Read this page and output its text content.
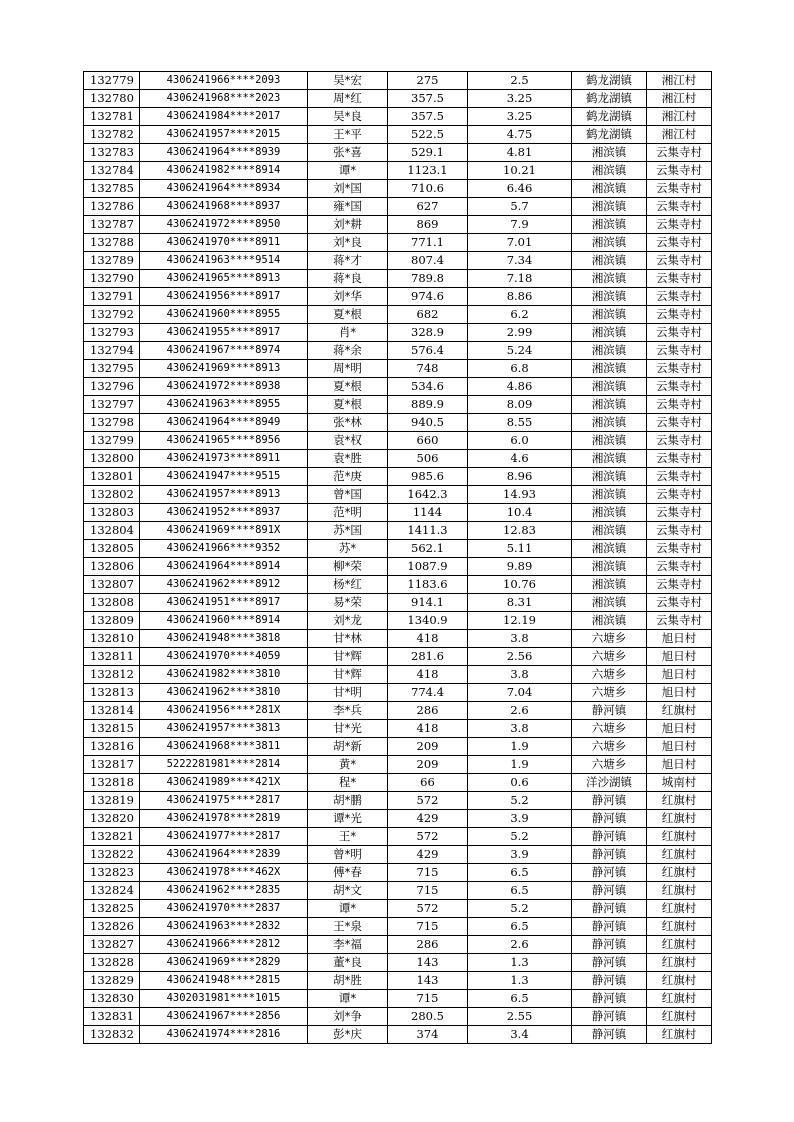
132779	4306241966****2093	吴*宏	275	2.5	鹤龙湖镇	湘江村
132780	4306241968****2023	周*红	357.5	3.25	鹤龙湖镇	湘江村
132781	4306241984****2017	吴*良	357.5	3.25	鹤龙湖镇	湘江村
132782	4306241957****2015	王*平	522.5	4.75	鹤龙湖镇	湘江村
132783	4306241964****8939	张*喜	529.1	4.81	湘滨镇	云集寺村
132784	4306241982****8914	谭*	1123.1	10.21	湘滨镇	云集寺村
132785	4306241964****8934	刘*国	710.6	6.46	湘滨镇	云集寺村
132786	4306241968****8937	雍*国	627	5.7	湘滨镇	云集寺村
132787	4306241972****8950	刘*耕	869	7.9	湘滨镇	云集寺村
132788	4306241970****8911	刘*良	771.1	7.01	湘滨镇	云集寺村
132789	4306241963****9514	蒋*才	807.4	7.34	湘滨镇	云集寺村
132790	4306241965****8913	蒋*良	789.8	7.18	湘滨镇	云集寺村
132791	4306241956****8917	刘*华	974.6	8.86	湘滨镇	云集寺村
132792	4306241960****8955	夏*根	682	6.2	湘滨镇	云集寺村
132793	4306241955****8917	肖*	328.9	2.99	湘滨镇	云集寺村
132794	4306241967****8974	蒋*余	576.4	5.24	湘滨镇	云集寺村
132795	4306241969****8913	周*明	748	6.8	湘滨镇	云集寺村
132796	4306241972****8938	夏*根	534.6	4.86	湘滨镇	云集寺村
132797	4306241963****8955	夏*根	889.9	8.09	湘滨镇	云集寺村
132798	4306241964****8949	张*林	940.5	8.55	湘滨镇	云集寺村
132799	4306241965****8956	袁*权	660	6.0	湘滨镇	云集寺村
132800	4306241973****8911	袁*胜	506	4.6	湘滨镇	云集寺村
132801	4306241947****9515	范*庚	985.6	8.96	湘滨镇	云集寺村
132802	4306241957****8913	曾*国	1642.3	14.93	湘滨镇	云集寺村
132803	4306241952****8937	范*明	1144	10.4	湘滨镇	云集寺村
132804	4306241969****891X	苏*国	1411.3	12.83	湘滨镇	云集寺村
132805	4306241966****9352	苏*	562.1	5.11	湘滨镇	云集寺村
132806	4306241964****8914	柳*荣	1087.9	9.89	湘滨镇	云集寺村
132807	4306241962****8912	杨*红	1183.6	10.76	湘滨镇	云集寺村
132808	4306241951****8917	易*荣	914.1	8.31	湘滨镇	云集寺村
132809	4306241960****8914	刘*龙	1340.9	12.19	湘滨镇	云集寺村
132810	4306241948****3818	甘*林	418	3.8	六塘乡	旭日村
132811	4306241970****4059	甘*辉	281.6	2.56	六塘乡	旭日村
132812	4306241982****3810	甘*辉	418	3.8	六塘乡	旭日村
132813	4306241962****3810	甘*明	774.4	7.04	六塘乡	旭日村
132814	4306241956****281X	李*兵	286	2.6	静河镇	红旗村
132815	4306241957****3813	甘*光	418	3.8	六塘乡	旭日村
132816	4306241968****3811	胡*新	209	1.9	六塘乡	旭日村
132817	5222281981****2814	黄*	209	1.9	六塘乡	旭日村
132818	4306241989****421X	程*	66	0.6	洋沙湖镇	城南村
132819	4306241975****2817	胡*鹏	572	5.2	静河镇	红旗村
132820	4306241978****2819	谭*光	429	3.9	静河镇	红旗村
132821	4306241977****2817	王*	572	5.2	静河镇	红旗村
132822	4306241964****2839	曾*明	429	3.9	静河镇	红旗村
132823	4306241978****462X	傅*春	715	6.5	静河镇	红旗村
132824	4306241962****2835	胡*文	715	6.5	静河镇	红旗村
132825	4306241970****2837	谭*	572	5.2	静河镇	红旗村
132826	4306241963****2832	王*泉	715	6.5	静河镇	红旗村
132827	4306241966****2812	李*福	286	2.6	静河镇	红旗村
132828	4306241969****2829	董*良	143	1.3	静河镇	红旗村
132829	4306241948****2815	胡*胜	143	1.3	静河镇	红旗村
132830	4302031981****1015	谭*	715	6.5	静河镇	红旗村
132831	4306241967****2856	刘*争	280.5	2.55	静河镇	红旗村
132832	4306241974****2816	彭*庆	374	3.4	静河镇	红旗村
